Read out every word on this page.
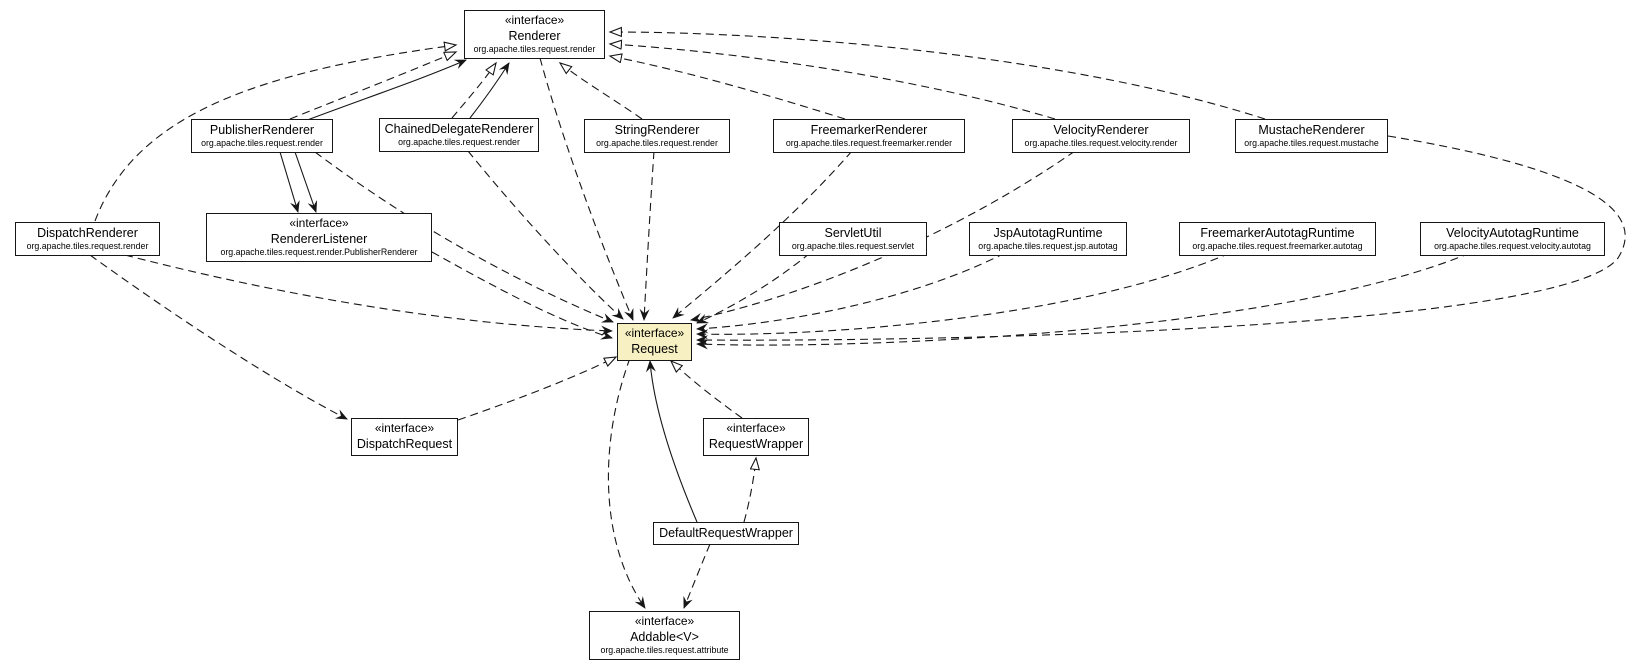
«interface»
Renderer
org.apache.tiles.request.render
PublisherRenderer
org.apache.tiles.request.render
ChainedDelegateRenderer
org.apache.tiles.request.render
StringRenderer
org.apache.tiles.request.render
FreemarkerRenderer
org.apache.tiles.request.freemarker.render
VelocityRenderer
org.apache.tiles.request.velocity.render
MustacheRenderer
org.apache.tiles.request.mustache
DispatchRenderer
org.apache.tiles.request.render
«interface»
RendererListener
org.apache.tiles.request.render.PublisherRenderer
ServletUtil
org.apache.tiles.request.servlet
JspAutotagRuntime
org.apache.tiles.request.jsp.autotag
FreemarkerAutotagRuntime
org.apache.tiles.request.freemarker.autotag
VelocityAutotagRuntime
org.apache.tiles.request.velocity.autotag
«interface»
Request
«interface»
DispatchRequest
«interface»
RequestWrapper
DefaultRequestWrapper
«interface»
Addable<V>
org.apache.tiles.request.attribute
